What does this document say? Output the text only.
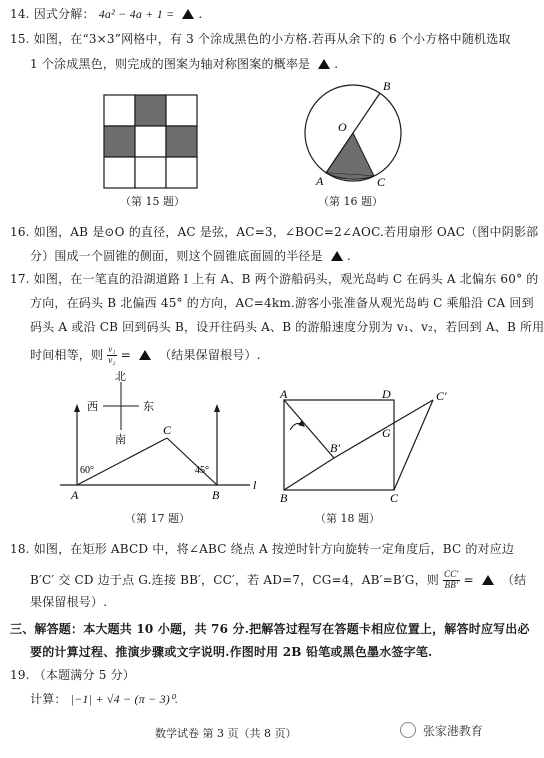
14. 因式分解： 4a² − 4a + 1 = .
15. 如图，在“3×3”网格中，有 3 个涂成黑色的小方格.若再从余下的 6 个小方格中随机选取
1 个涂成黑色，则完成的图案为轴对称图案的概率是 .
（第 15 题）
O
B
A	C
（第 16 题）
16. 如图，AB 是⊙O 的直径，AC 是弦，AC=3，∠BOC=2∠AOC.若用扇形 OAC（图中阴影部
分）围成一个圆锥的侧面，则这个圆锥底面圆的半径是 .
17. 如图，在一笔直的沿湖道路 l 上有 A、B 两个游船码头，观光岛屿 C 在码头 A 北偏东 60° 的
方向，在码头 B 北偏西 45° 的方向，AC=4km.游客小张准备从观光岛屿 C 乘船沿 CA 回到
码头 A 或沿 CB 回到码头 B，设开往码头 A、B 的游船速度分别为 v₁、v₂，若回到 A、B 所用
时间相等，则 $\frac{\text{v₁}}{\text{v₂}}$ = （结果保留根号）.
北
南
西	东
C
A	B
l
60°	45°
（第 17 题）
A	D	C′
G
B′
B	C
（第 18 题）
18. 如图，在矩形 ABCD 中，将∠ABC 绕点 A 按逆时针方向旋转一定角度后，BC 的对应边
B′C′ 交 CD 边于点 G.连接 BB′，CC′，若 AD=7，CG=4，AB′=B′G，则 $\frac{CC'}{BB'}$ = （结
果保留根号）.
三、解答题：本大题共 10 小题，共 76 分.把解答过程写在答题卡相应位置上，解答时应写出必
要的计算过程、推演步骤或文字说明.作图时用 2B 铅笔或黑色墨水签字笔.
19. （本题满分 5 分）
计算： |−1| + √4 − (π − 3)⁰.
数学试卷 第 3 页（共 8 页）	张家港教育
